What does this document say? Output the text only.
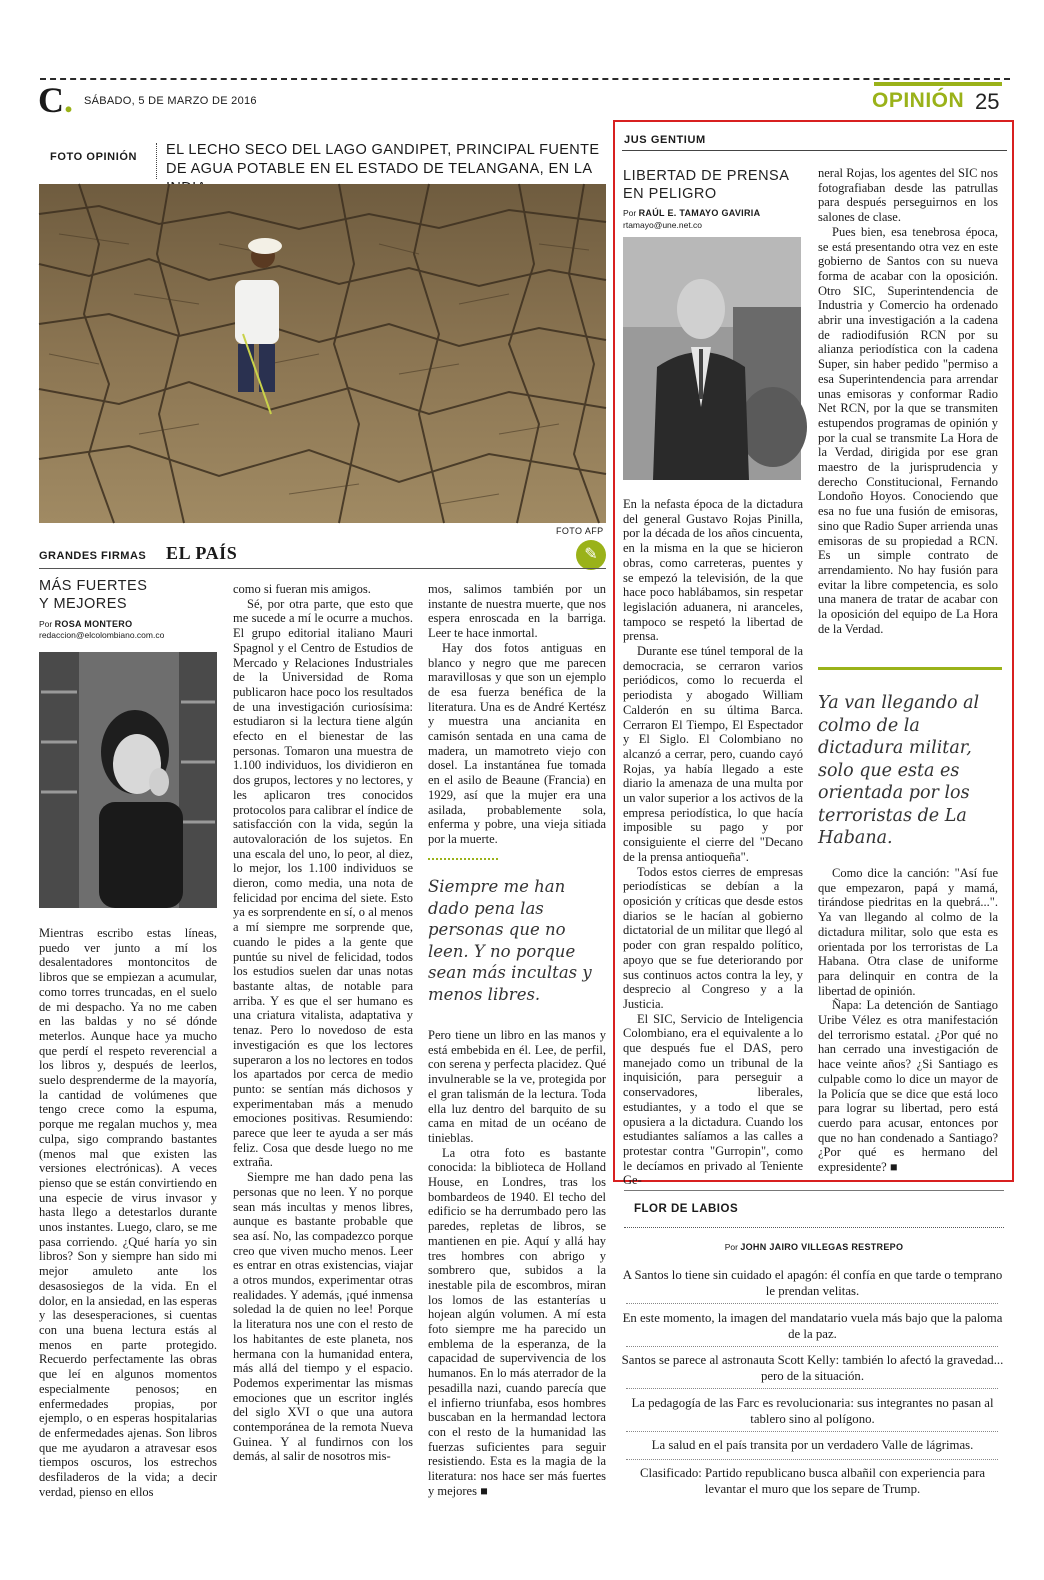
C. SÁBADO, 5 DE MARZO DE 2016	OPINIÓN 25
FOTO OPINIÓN EL LECHO SECO DEL LAGO GANDIPET, PRINCIPAL FUENTE DE AGUA POTABLE EN EL ESTADO DE TELANGANA, EN LA
FOTO AFP
✎
GRANDES FIRMAS EL PAÍS
MÁS FUERTES
Y MEJORES
Por ROSA MONTERO
redaccion@elcolombiano.com.co

Mientras escribo estas líneas, puedo ver junto a mí los desalentadores montoncitos de libros que se empiezan a acumular, como torres truncadas, en el suelo de mi despacho. Ya no me caben en las baldas y no sé dónde meterlos. Aunque hace ya mucho que perdí el respeto reverencial a los libros y, después de leerlos, suelo desprenderme de la mayoría, la cantidad de volúmenes que tengo crece como la espuma, porque me regalan muchos y, mea culpa, sigo comprando bastantes (menos mal que existen las versiones electrónicas). A veces pienso que se están convirtiendo en una especie de virus invasor y hasta llego a detestarlos durante unos instantes. Luego, claro, se me pasa corriendo. ¿Qué haría yo sin libros? Son y siempre han sido mi mejor amuleto ante los desasosiegos de la vida. En el dolor, en la ansiedad, en las esperas y las desesperaciones, si cuentas con una buena lectura estás al menos en parte protegido. Recuerdo perfectamente las obras que leí en algunos momentos especialmente penosos; en enfermedades propias, por ejemplo, o en esperas hospitalarias de enfermedades ajenas. Son libros que me ayudaron a atravesar esos tiempos oscuros, los estrechos desfiladeros de la vida; a decir verdad, pienso en ellos

como si fueran mis amigos.

Sé, por otra parte, que esto que me sucede a mí le ocurre a muchos. El grupo editorial italiano Mauri Spagnol y el Centro de Estudios de Mercado y Relaciones Industriales de la Universidad de Roma publicaron hace poco los resultados de una investigación curiosísima: estudiaron si la lectura tiene algún efecto en el bienestar de las personas. Tomaron una muestra de 1.100 individuos, los dividieron en dos grupos, lectores y no lectores, y les aplicaron tres conocidos protocolos para calibrar el índice de satisfacción con la vida, según la autovaloración de los sujetos. En una escala del uno, lo peor, al diez, lo mejor, los 1.100 individuos se dieron, como media, una nota de felicidad por encima del siete. Esto ya es sorprendente en sí, o al menos a mí siempre me sorprende que, cuando le pides a la gente que puntúe su nivel de felicidad, todos los estudios suelen dar unas notas bastante altas, de notable para arriba. Y es que el ser humano es una criatura vitalista, adaptativa y tenaz. Pero lo novedoso de esta investigación es que los lectores superaron a los no lectores en todos los apartados por cerca de medio punto: se sentían más dichosos y experimentaban más a menudo emociones positivas. Resumiendo: parece que leer te ayuda a ser más feliz. Cosa que desde luego no me extraña.

Siempre me han dado pena las personas que no leen. Y no porque sean más incultas y menos libres, aunque es bastante probable que sea así. No, las compadezco porque creo que viven mucho menos. Leer es entrar en otras existencias, viajar a otros mundos, experimentar otras realidades. Y además, ¡qué inmensa soledad la de quien no lee! Porque la literatura nos une con el resto de los habitantes de este planeta, nos hermana con la humanidad entera, más allá del tiempo y el espacio. Podemos experimentar las mismas emociones que un escritor inglés del siglo XVI o que una autora contemporánea de la remota Nueva Guinea. Y al fundirnos con los demás, al salir de nosotros mis-

mos, salimos también por un instante de nuestra muerte, que nos espera enroscada en la barriga. Leer te hace inmortal.

Hay dos fotos antiguas en blanco y negro que me parecen maravillosas y que son un ejemplo de esa fuerza benéfica de la literatura. Una es de André Kertész y muestra una ancianita en camisón sentada en una cama de madera, un mamotreto viejo con dosel. La instantánea fue tomada en el asilo de Beaune (Francia) en 1929, así que la mujer era una asilada, probablemente sola, enferma y pobre, una vieja sitiada por la muerte.

Siempre me han dado pena las personas que no leen. Y no porque sean más incultas y menos libres.

Pero tiene un libro en las manos y está embebida en él. Lee, de perfil, con serena y perfecta placidez. Qué invulnerable se la ve, protegida por el gran talismán de la lectura. Toda ella luz dentro del barquito de su cama en mitad de un océano de tinieblas.

La otra foto es bastante conocida: la biblioteca de Holland House, en Londres, tras los bombardeos de 1940. El techo del edificio se ha derrumbado pero las paredes, repletas de libros, se mantienen en pie. Aquí y allá hay tres hombres con abrigo y sombrero que, subidos a la inestable pila de escombros, miran los lomos de las estanterías u hojean algún volumen. A mí esta foto siempre me ha parecido un emblema de la esperanza, de la capacidad de supervivencia de los humanos. En lo más aterrador de la pesadilla nazi, cuando parecía que el infierno triunfaba, esos hombres buscaban en la hermandad lectora con el resto de la humanidad las fuerzas suficientes para seguir resistiendo. Esta es la magia de la literatura: nos hace ser más fuertes y mejores ■

JUS GENTIUM
LIBERTAD DE PRENSA
EN PELIGRO
Por RAÚL E. TAMAYO GAVIRIA
rtamayo@une.net.co

En la nefasta época de la dictadura del general Gustavo Rojas Pinilla, por la década de los años cincuenta, en la misma en la que se hicieron obras, como carreteras, puentes y se empezó la televisión, de la que hace poco hablábamos, sin respetar legislación aduanera, ni aranceles, tampoco se respetó la libertad de prensa.

Durante ese túnel temporal de la democracia, se cerraron varios periódicos, como lo recuerda el periodista y abogado William Calderón en su última Barca. Cerraron El Tiempo, El Espectador y El Siglo. El Colombiano no alcanzó a cerrar, pero, cuando cayó Rojas, ya había llegado a este diario la amenaza de una multa por un valor superior a los activos de la empresa periodística, lo que hacía imposible su pago y por consiguiente el cierre del "Decano de la prensa antioqueña".

Todos estos cierres de empresas periodísticas se debían a la oposición y críticas que desde estos diarios se le hacían al gobierno dictatorial de un militar que llegó al poder con gran respaldo político, apoyo que se fue deteriorando por sus continuos actos contra la ley, y desprecio al Congreso y a la Justicia.

El SIC, Servicio de Inteligencia Colombiano, era el equivalente a lo que después fue el DAS, pero manejado como un tribunal de la inquisición, para perseguir a conservadores, liberales, estudiantes, y a todo el que se opusiera a la dictadura. Cuando los estudiantes salíamos a las calles a protestar contra "Gurropin", como le decíamos en privado al Teniente Ge-

neral Rojas, los agentes del SIC nos fotografiaban desde las patrullas para después perseguirnos en los salones de clase.

Pues bien, esa tenebrosa época, se está presentando otra vez en este gobierno de Santos con su nueva forma de acabar con la oposición. Otro SIC, Superintendencia de Industria y Comercio ha ordenado abrir una investigación a la cadena de radiodifusión RCN por su alianza periodística con la cadena Super, sin haber pedido "permiso a esa Superintendencia para arrendar unas emisoras y conformar Radio Net RCN, por la que se transmiten estupendos programas de opinión y por la cual se transmite La Hora de la Verdad, dirigida por ese gran maestro de la jurisprudencia y derecho Constitucional, Fernando Londoño Hoyos. Conociendo que esa no fue una fusión de emisoras, sino que Radio Super arrienda unas emisoras de su propiedad a RCN. Es un simple contrato de arrendamiento. No hay fusión para evitar la libre competencia, es solo una manera de tratar de acabar con la oposición del equipo de La Hora de la Verdad.

Ya van llegando al colmo de la dictadura militar, solo que esta es orientada por los terroristas de La Habana.

Como dice la canción: "Así fue que empezaron, papá y mamá, tirándose piedritas en la quebrá...". Ya van llegando al colmo de la dictadura militar, solo que esta es orientada por los terroristas de La Habana. Otra clase de uniforme para delinquir en contra de la libertad de opinión.

Ñapa: La detención de Santiago Uribe Vélez es otra manifestación del terrorismo estatal. ¿Por qué no han cerrado una investigación de hace veinte años? ¿Si Santiago es culpable como lo dice un mayor de la Policía que se dice que está loco para lograr su libertad, pero está cuerdo para acusar, entonces por que no han condenado a Santiago? ¿Por qué es hermano del expresidente? ■

FLOR DE LABIOS
Por JOHN JAIRO VILLEGAS RESTREPO
A Santos lo tiene sin cuidado el apagón: él confía en que tarde o temprano le prendan velitas.
En este momento, la imagen del mandatario vuela más bajo que la paloma de la paz.
Santos se parece al astronauta Scott Kelly: también lo afectó la gravedad... pero de la situación.
La pedagogía de las Farc es revolucionaria: sus integrantes no pasan al tablero sino al polígono.
La salud en el país transita por un verdadero Valle de lágrimas.
Clasificado: Partido republicano busca albañil con experiencia para levantar el muro que los separe de Trump.
